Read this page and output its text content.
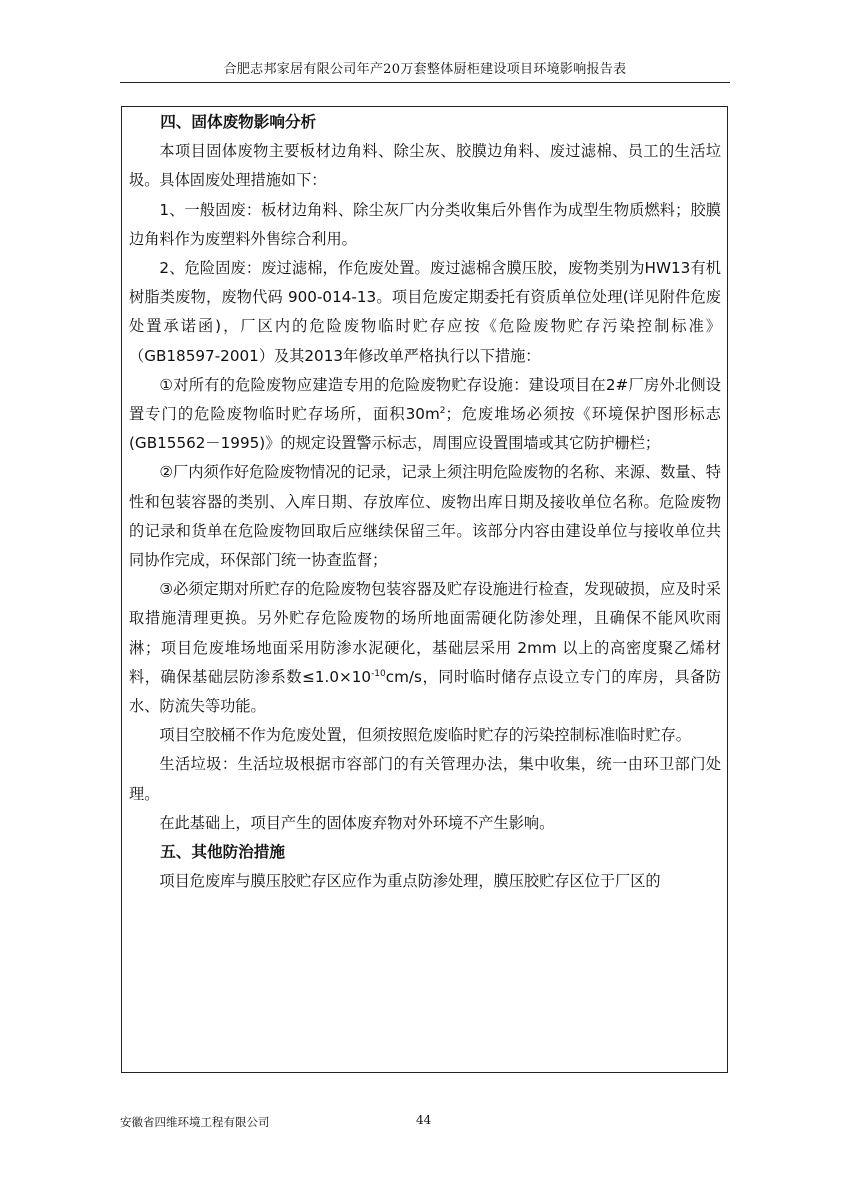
合肥志邦家居有限公司年产20万套整体厨柜建设项目环境影响报告表

四、固体废物影响分析

本项目固体废物主要板材边角料、除尘灰、胶膜边角料、废过滤棉、员工的生活垃圾。具体固废处理措施如下：

1、一般固废：板材边角料、除尘灰厂内分类收集后外售作为成型生物质燃料；胶膜边角料作为废塑料外售综合利用。

2、危险固废：废过滤棉，作危废处置。废过滤棉含膜压胶，废物类别为HW13有机树脂类废物，废物代码 900-014-13。项目危废定期委托有资质单位处理(详见附件危废处置承诺函)，厂区内的危险废物临时贮存应按《危险废物贮存污染控制标准》（GB18597-2001）及其2013年修改单严格执行以下措施：

①对所有的危险废物应建造专用的危险废物贮存设施：建设项目在2#厂房外北侧设置专门的危险废物临时贮存场所，面积$30m^2$；危废堆场必须按《环境保护图形标志(GB15562－1995)》的规定设置警示标志，周围应设置围墙或其它防护栅栏；

②厂内须作好危险废物情况的记录，记录上须注明危险废物的名称、来源、数量、特性和包装容器的类别、入库日期、存放库位、废物出库日期及接收单位名称。危险废物的记录和货单在危险废物回取后应继续保留三年。该部分内容由建设单位与接收单位共同协作完成，环保部门统一协查监督；

③必须定期对所贮存的危险废物包装容器及贮存设施进行检查，发现破损，应及时采取措施清理更换。另外贮存危险废物的场所地面需硬化防渗处理，且确保不能风吹雨淋；项目危废堆场地面采用防渗水泥硬化，基础层采用 2mm 以上的高密度聚乙烯材料，确保基础层防渗系数$\le 1.0\times 10^{-10}cm/s$，同时临时储存点设立专门的库房，具备防水、防流失等功能。

项目空胶桶不作为危废处置，但须按照危废临时贮存的污染控制标准临时贮存。

生活垃圾：生活垃圾根据市容部门的有关管理办法，集中收集，统一由环卫部门处理。

在此基础上，项目产生的固体废弃物对外环境不产生影响。

五、其他防治措施

项目危废库与膜压胶贮存区应作为重点防渗处理，膜压胶贮存区位于厂区的

安徽省四维环境工程有限公司	44
